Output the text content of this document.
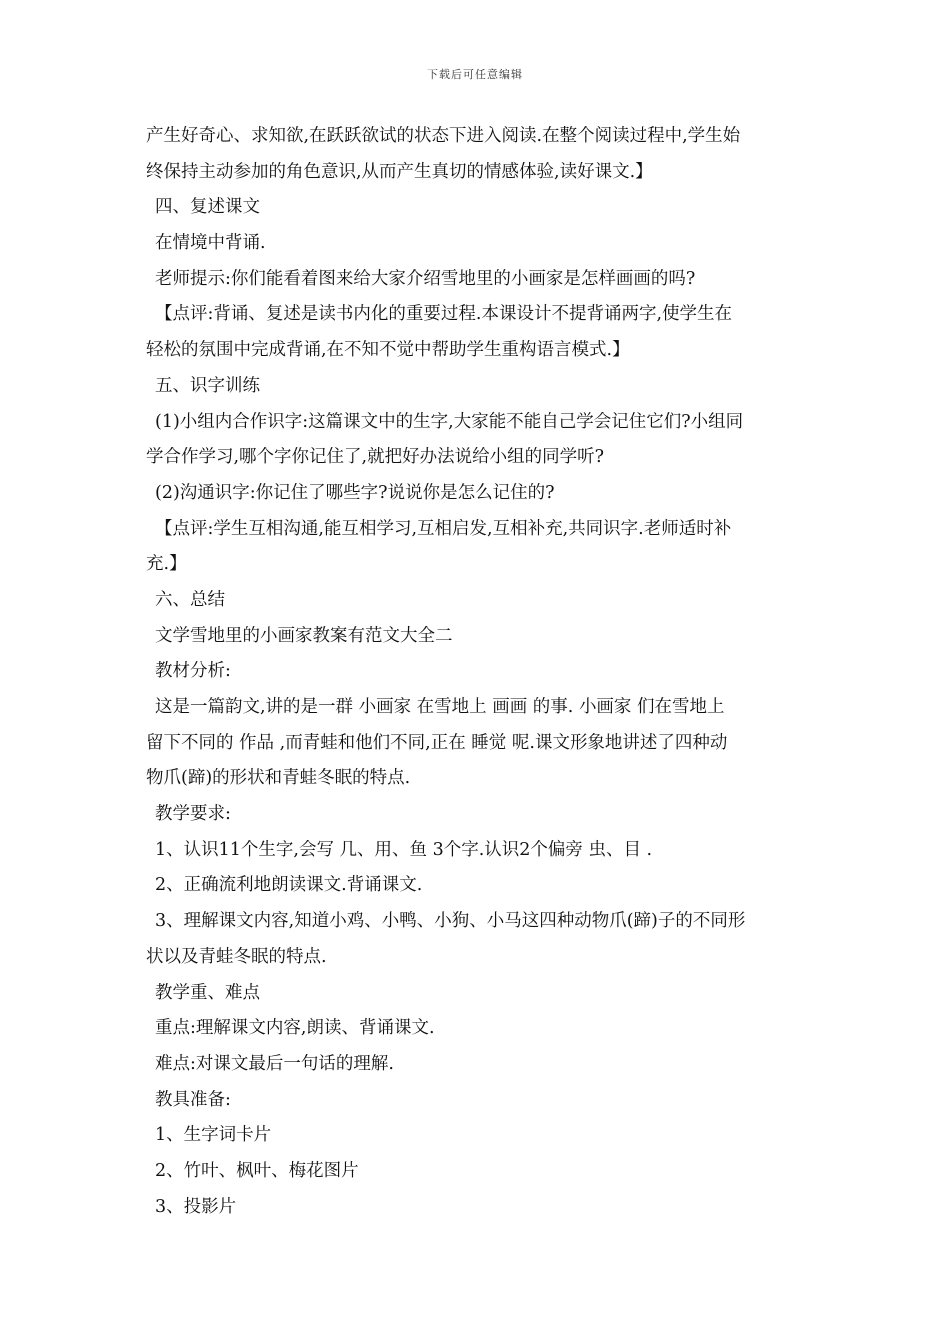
下载后可任意编辑
产生好奇心、求知欲,在跃跃欲试的状态下进入阅读.在整个阅读过程中,学生始
终保持主动参加的角色意识,从而产生真切的情感体验,读好课文.】
四、复述课文
在情境中背诵.
老师提示:你们能看着图来给大家介绍雪地里的小画家是怎样画画的吗?
【点评:背诵、复述是读书内化的重要过程.本课设计不提背诵两字,使学生在
轻松的氛围中完成背诵,在不知不觉中帮助学生重构语言模式.】
五、识字训练
(1)小组内合作识字:这篇课文中的生字,大家能不能自己学会记住它们?小组同
学合作学习,哪个字你记住了,就把好办法说给小组的同学听?
(2)沟通识字:你记住了哪些字?说说你是怎么记住的?
【点评:学生互相沟通,能互相学习,互相启发,互相补充,共同识字.老师适时补
充.】
六、总结
文学雪地里的小画家教案有范文大全二
教材分析:
这是一篇韵文,讲的是一群 小画家 在雪地上 画画 的事. 小画家 们在雪地上
留下不同的 作品 ,而青蛙和他们不同,正在 睡觉 呢.课文形象地讲述了四种动
物爪(蹄)的形状和青蛙冬眠的特点.
教学要求:
1、认识11个生字,会写 几、用、鱼 3个字.认识2个偏旁 虫、目 .
2、正确流利地朗读课文.背诵课文.
3、理解课文内容,知道小鸡、小鸭、小狗、小马这四种动物爪(蹄)子的不同形
状以及青蛙冬眠的特点.
教学重、难点
重点:理解课文内容,朗读、背诵课文.
难点:对课文最后一句话的理解.
教具准备:
1、生字词卡片
2、竹叶、枫叶、梅花图片
3、投影片
